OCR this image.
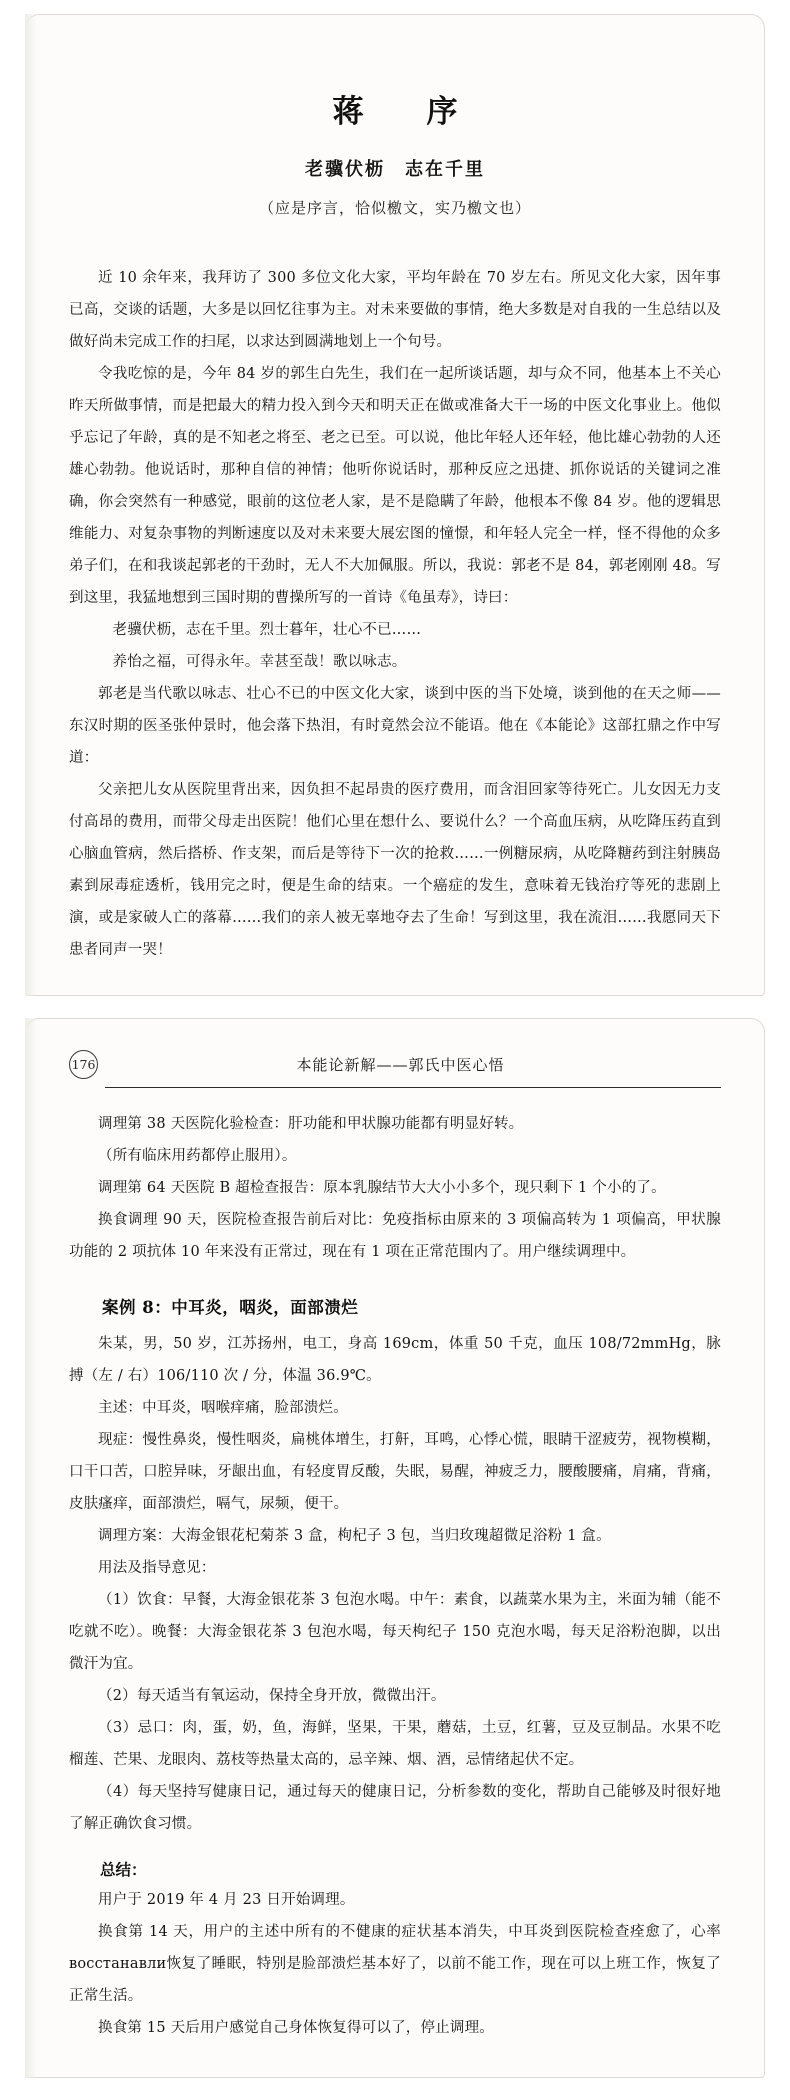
蒋　序
老骥伏枥　志在千里
（应是序言，恰似檄文，实乃檄文也）

近 10 余年来，我拜访了 300 多位文化大家，平均年龄在 70 岁左右。所见文化大家，因年事已高，交谈的话题，大多是以回忆往事为主。对未来要做的事情，绝大多数是对自我的一生总结以及做好尚未完成工作的扫尾，以求达到圆满地划上一个句号。

令我吃惊的是，今年 84 岁的郭生白先生，我们在一起所谈话题，却与众不同，他基本上不关心昨天所做事情，而是把最大的精力投入到今天和明天正在做或准备大干一场的中医文化事业上。他似乎忘记了年龄，真的是不知老之将至、老之已至。可以说，他比年轻人还年轻，他比雄心勃勃的人还雄心勃勃。他说话时，那种自信的神情；他听你说话时，那种反应之迅捷、抓你说话的关键词之准确，你会突然有一种感觉，眼前的这位老人家，是不是隐瞒了年龄，他根本不像 84 岁。他的逻辑思维能力、对复杂事物的判断速度以及对未来要大展宏图的憧憬，和年轻人完全一样，怪不得他的众多弟子们，在和我谈起郭老的干劲时，无人不大加佩服。所以，我说：郭老不是 84，郭老刚刚 48。写到这里，我猛地想到三国时期的曹操所写的一首诗《龟虽寿》，诗曰：

老骥伏枥，志在千里。烈士暮年，壮心不已……

养怡之福，可得永年。幸甚至哉！歌以咏志。

郭老是当代歌以咏志、壮心不已的中医文化大家，谈到中医的当下处境，谈到他的在天之师——东汉时期的医圣张仲景时，他会落下热泪，有时竟然会泣不能语。他在《本能论》这部扛鼎之作中写道：

父亲把儿女从医院里背出来，因负担不起昂贵的医疗费用，而含泪回家等待死亡。儿女因无力支付高昂的费用，而带父母走出医院！他们心里在想什么、要说什么？一个高血压病，从吃降压药直到心脑血管病，然后搭桥、作支架，而后是等待下一次的抢救……一例糖尿病，从吃降糖药到注射胰岛素到尿毒症透析，钱用完之时，便是生命的结束。一个癌症的发生，意味着无钱治疗等死的悲剧上演，或是家破人亡的落幕……我们的亲人被无辜地夺去了生命！写到这里，我在流泪……我愿同天下患者同声一哭！

176	本能论新解——郭氏中医心悟

调理第 38 天医院化验检查：肝功能和甲状腺功能都有明显好转。

（所有临床用药都停止服用）。

调理第 64 天医院 B 超检查报告：原本乳腺结节大大小小多个，现只剩下 1 个小的了。

换食调理 90 天，医院检查报告前后对比：免疫指标由原来的 3 项偏高转为 1 项偏高，甲状腺功能的 2 项抗体 10 年来没有正常过，现在有 1 项在正常范围内了。用户继续调理中。

案例 8：中耳炎，咽炎，面部溃烂

朱某，男，50 岁，江苏扬州，电工，身高 169cm，体重 50 千克，血压 108/72mmHg，脉搏（左 / 右）106/110 次 / 分，体温 36.9℃。

主述：中耳炎，咽喉痒痛，脸部溃烂。

现症：慢性鼻炎，慢性咽炎，扁桃体增生，打鼾，耳鸣，心悸心慌，眼睛干涩疲劳，视物模糊，口干口苦，口腔异味，牙龈出血，有轻度胃反酸，失眠，易醒，神疲乏力，腰酸腰痛，肩痛，背痛，皮肤瘙痒，面部溃烂，嗝气，尿频，便干。

调理方案：大海金银花杞菊茶 3 盒，枸杞子 3 包，当归玫瑰超微足浴粉 1 盒。

用法及指导意见：

（1）饮食：早餐，大海金银花茶 3 包泡水喝。中午：素食，以蔬菜水果为主，米面为辅（能不吃就不吃）。晚餐：大海金银花茶 3 包泡水喝，每天枸纪子 150 克泡水喝，每天足浴粉泡脚，以出微汗为宜。

（2）每天适当有氧运动，保持全身开放，微微出汗。

（3）忌口：肉，蛋，奶，鱼，海鲜，坚果，干果，蘑菇，土豆，红薯，豆及豆制品。水果不吃榴莲、芒果、龙眼肉、荔枝等热量太高的，忌辛辣、烟、酒，忌情绪起伏不定。

（4）每天坚持写健康日记，通过每天的健康日记，分析参数的变化，帮助自己能够及时很好地了解正确饮食习惯。

总结：

用户于 2019 年 4 月 23 日开始调理。

换食第 14 天，用户的主述中所有的不健康的症状基本消失，中耳炎到医院检查痊愈了，心率восстанавли恢复了睡眠，特别是脸部溃烂基本好了，以前不能工作，现在可以上班工作，恢复了正常生活。

换食第 15 天后用户感觉自己身体恢复得可以了，停止调理。
